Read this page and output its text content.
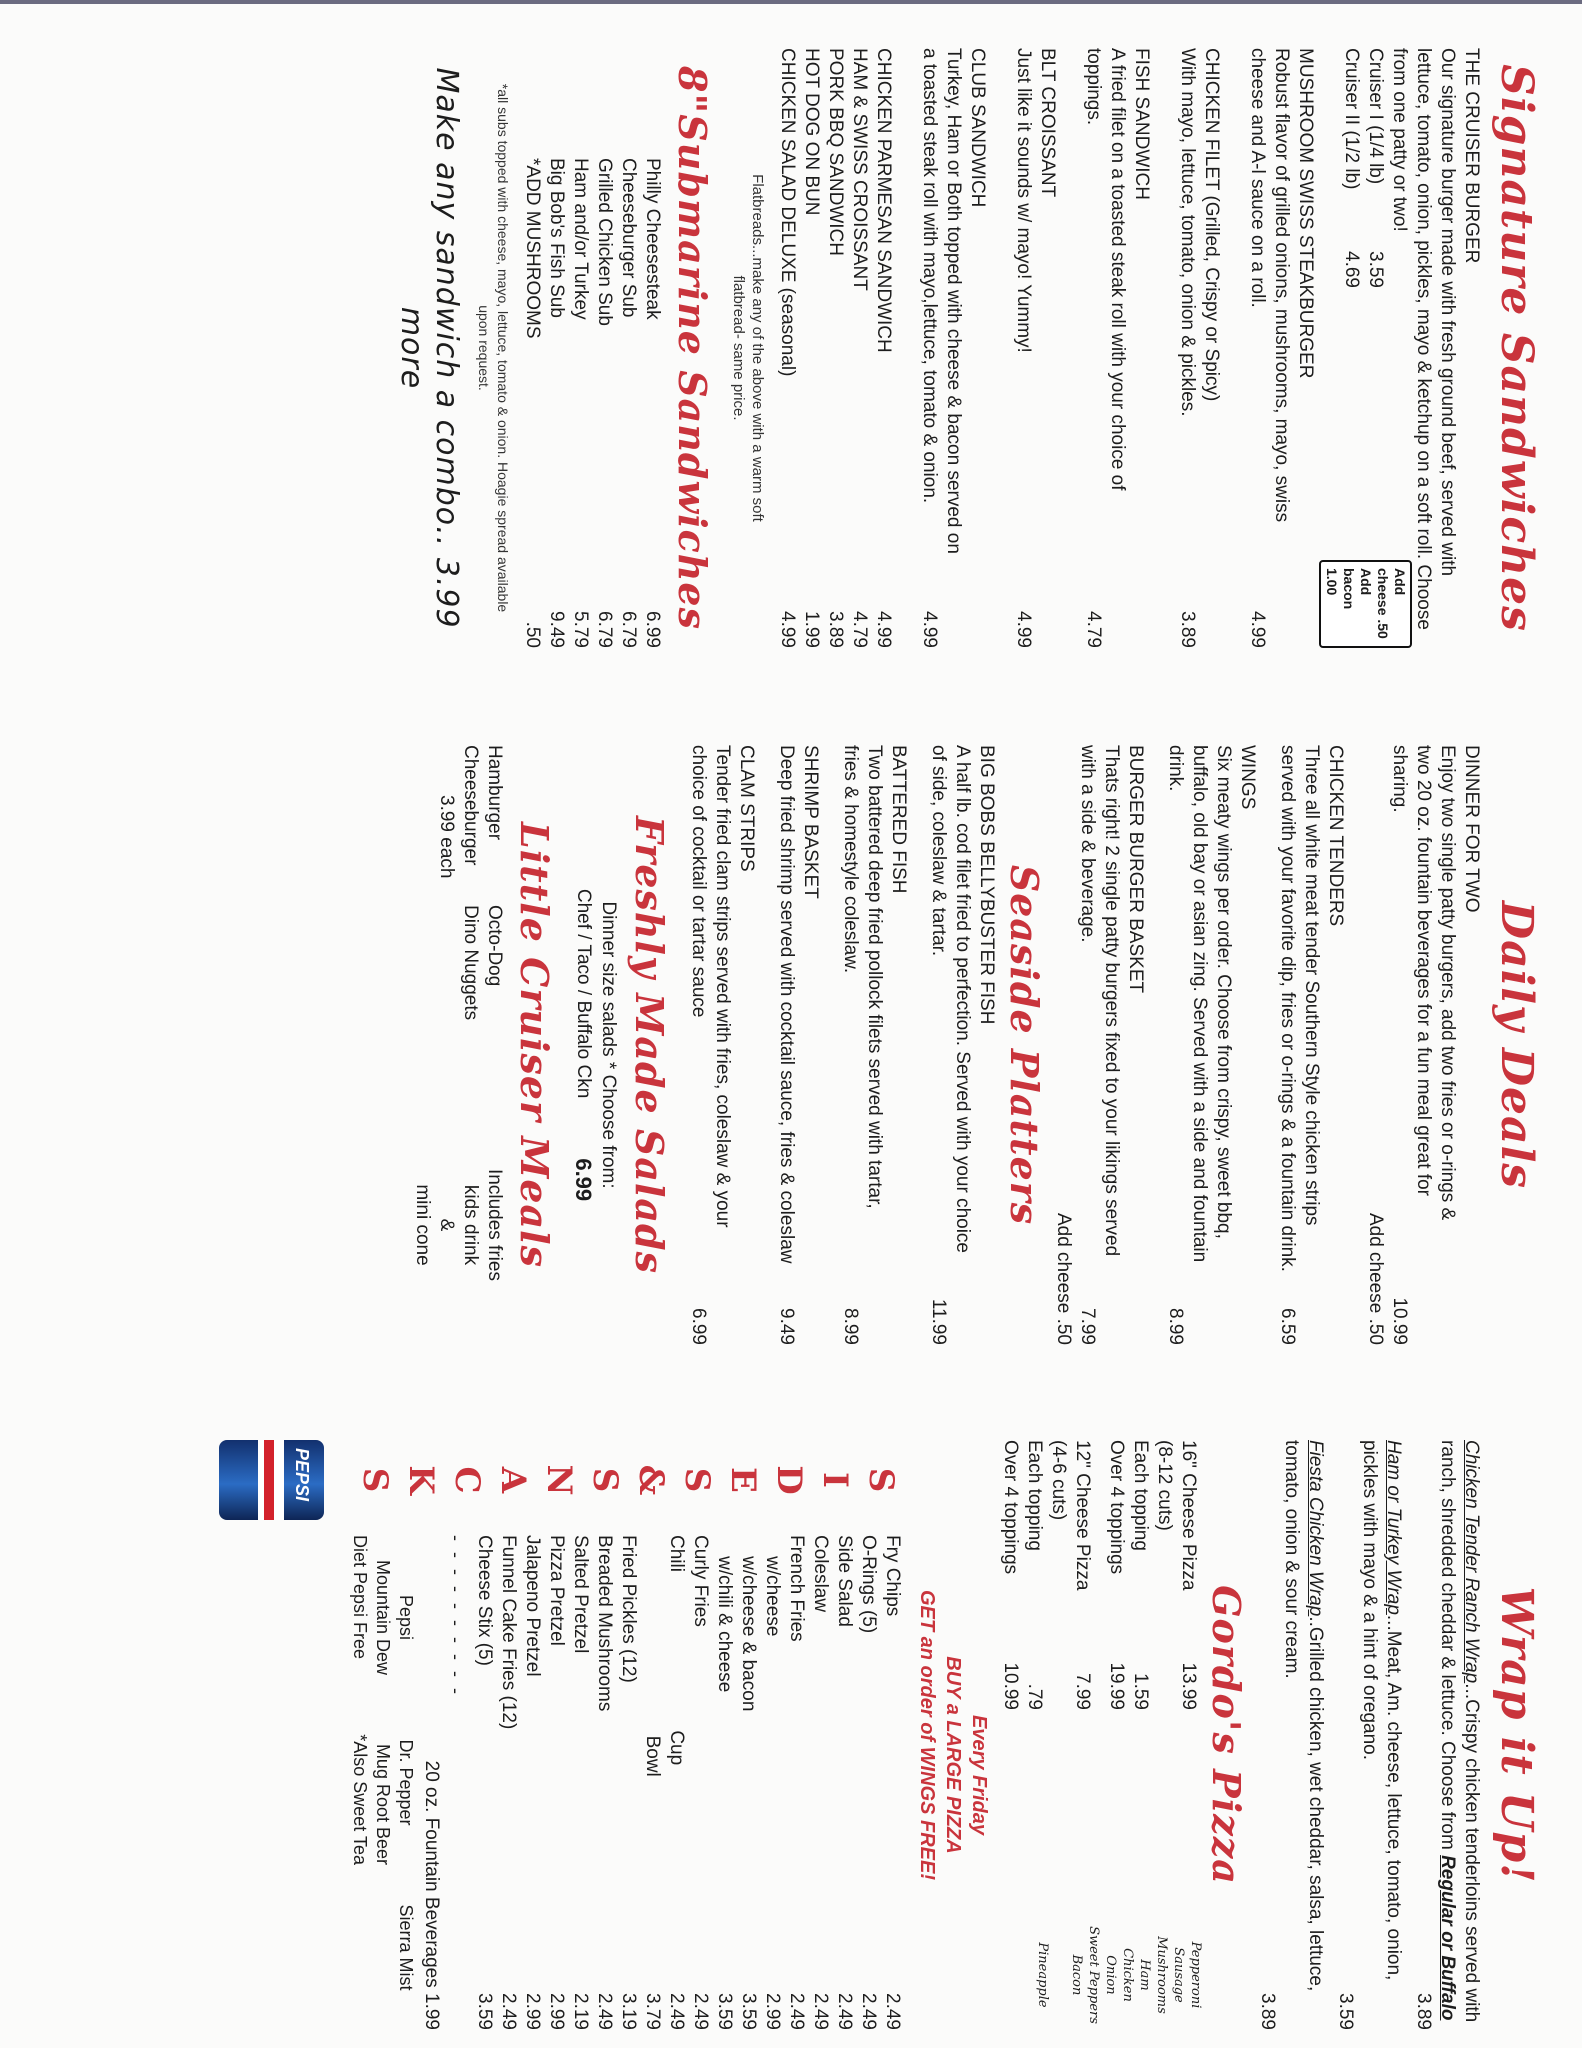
Signature Sandwiches
Add cheese .50
Add bacon 1.00
THE CRUISER BURGER
Our signature burger made with fresh ground beef, served with lettuce, tomato, onion, pickles, mayo & ketchup on a soft roll. Choose from one patty or two!
Cruiser I (1/4 lb)
3.59
Cruiser II (1/2 lb)
4.69
MUSHROOM SWISS STEAKBURGER
Robust flavor of grilled onions, mushrooms, mayo, swiss cheese and A-l sauce on a roll.
4.99
CHICKEN FILET (Grilled, Crispy or Spicy)
With mayo, lettuce, tomato, onion & pickles.
3.89
FISH SANDWICH
A fried filet on a toasted steak roll with your choice of toppings.
4.79
BLT CROISSANT
Just like it sounds w/ mayo! Yummy!
4.99
CLUB SANDWICH
Turkey, Ham or Both topped with cheese & bacon served on a toasted steak roll with mayo,lettuce, tomato & onion.
4.99
CHICKEN PARMESAN SANDWICH
4.99
HAM & SWISS CROISSANT
4.79
PORK BBQ SANDWICH
3.89
HOT DOG ON BUN
1.99
CHICKEN SALAD DELUXE (seasonal)
4.99
Flatbreads...make any of the above with a warm soft flatbread- same price.
8"Submarine Sandwiches
Philly Cheesesteak
6.99
Cheeseburger Sub
6.79
Grilled Chicken Sub
6.79
Ham and/or Turkey
5.79
Big Bob's Fish Sub
9.49
*ADD MUSHROOMS
.50
*all subs topped with cheese, mayo, lettuce, tomato & onion. Hoagie spread available upon request.
Make any sandwich a combo.. 3.99 more
Daily Deals
DINNER FOR TWO
Enjoy two single patty burgers, add two fries or o-rings & two 20 oz. fountain beverages for a fun meal great for sharing.
10.99
Add cheese .50
CHICKEN TENDERS
Three all white meat tender Southern Style chicken strips served with your favorite dip, fries or o-rings & a fountain drink.
6.59
WINGS
Six meaty wings per order. Choose from crispy, sweet bbq, buffalo, old bay or asian zing. Served with a side and fountain drink.
8.99
BURGER BURGER BASKET
Thats right! 2 single patty burgers fixed to your likings served with a side & beverage.
7.99
Add cheese .50
Seaside Platters
BIG BOBS BELLYBUSTER FISH
A half lb. cod filet fried to perfection. Served with your choice of side, coleslaw & tartar.
11.99
BATTERED FISH
Two battered deep fried pollock filets served with tartar, fries & homestyle coleslaw.
8.99
SHRIMP BASKET
Deep fried shrimp served with cocktail sauce, fries & coleslaw
9.49
CLAM STRIPS
Tender fried clam strips served with fries, coleslaw & your choice of cocktail or tartar sauce
6.99
Freshly Made Salads
Dinner size salads * Choose from:
Chef / Taco / Buffalo Ckn
6.99
Little Cruiser Meals
Hamburger
Cheeseburger
3.99 each
Octo-Dog
Dino Nuggets
Includes fries
kids drink
&
mini cone
Wrap it Up!
Chicken Tender Ranch Wrap...Crispy chicken tenderloins served with ranch, shredded cheddar & lettuce. Choose from Regular or Buffalo
3.89
Ham or Turkey Wrap...Meat, Am. cheese, lettuce, tomato, onion, pickles with mayo & a hint of oregano.
3.59
Fiesta Chicken Wrap..Grilled chicken, wet cheddar, salsa, lettuce, tomato, onion & sour cream.
3.89
Gordo's Pizza
16" Cheese Pizza
13.99
(8-12 cuts)
Each topping
1.59
Over 4 toppings
19.99
12" Cheese Pizza
7.99
(4-6 cuts)
Each topping
.79
Over 4 toppings
10.99
Pepperoni
Sausage
Mushrooms
Ham
Chicken
Onion
Sweet Peppers
Bacon
Pineapple
Every Friday
BUY a LARGE PIZZA
GET an order of WINGS FREE!
S
I
D
E
S
&
S
N
A
C
K
S
Fry Chips
2.49
O-Rings (5)
2.49
Side Salad
2.49
Coleslaw
2.49
French Fries
2.49
w/cheese
2.99
w/cheese & bacon
3.59
w/chili & cheese
3.59
Curly Fries
2.49
Chili                              Cup
2.49
Bowl
3.79
Fried Pickles (12)
3.19
Breaded Mushrooms
2.49
Salted Pretzel
2.19
Pizza Pretzel
2.99
Jalapeno Pretzel
2.99
Funnel Cake Fries (12)
2.49
Cheese Stix (5)
3.59
- - - - - - - - - -
20 oz. Fountain Beverages 1.99
Pepsi
Dr. Pepper
Sierra Mist
Mountain Dew
Mug Root Beer
Diet Pepsi Free
*Also Sweet Tea
PEPSI
